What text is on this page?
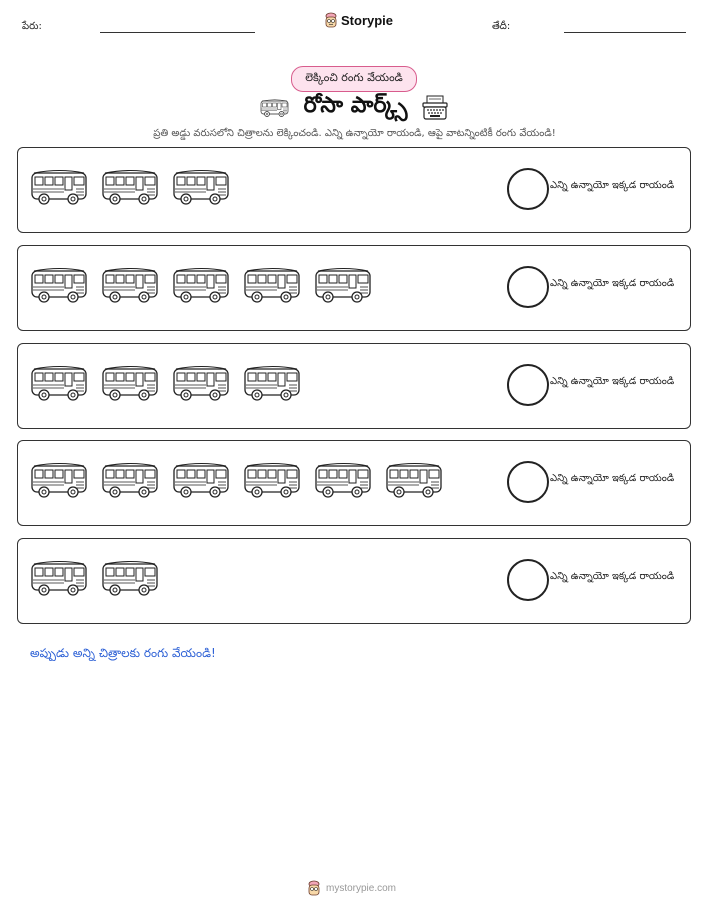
పేరు:	Storypie	తేదీ:
లెక్కించి రంగు వేయండి
రోసా పార్క్స్
ప్రతి అడ్డు వరుసలోని చిత్రాలను లెక్కించండి. ఎన్ని ఉన్నాయో రాయండి, ఆపై వాటన్నింటికీ రంగు వేయండి!
ఎన్ని ఉన్నాయో ఇక్కడ రాయండి
ఎన్ని ఉన్నాయో ఇక్కడ రాయండి
ఎన్ని ఉన్నాయో ఇక్కడ రాయండి
ఎన్ని ఉన్నాయో ఇక్కడ రాయండి
ఎన్ని ఉన్నాయో ఇక్కడ రాయండి
అప్పుడు అన్ని చిత్రాలకు రంగు వేయండి!
mystorypie.com
